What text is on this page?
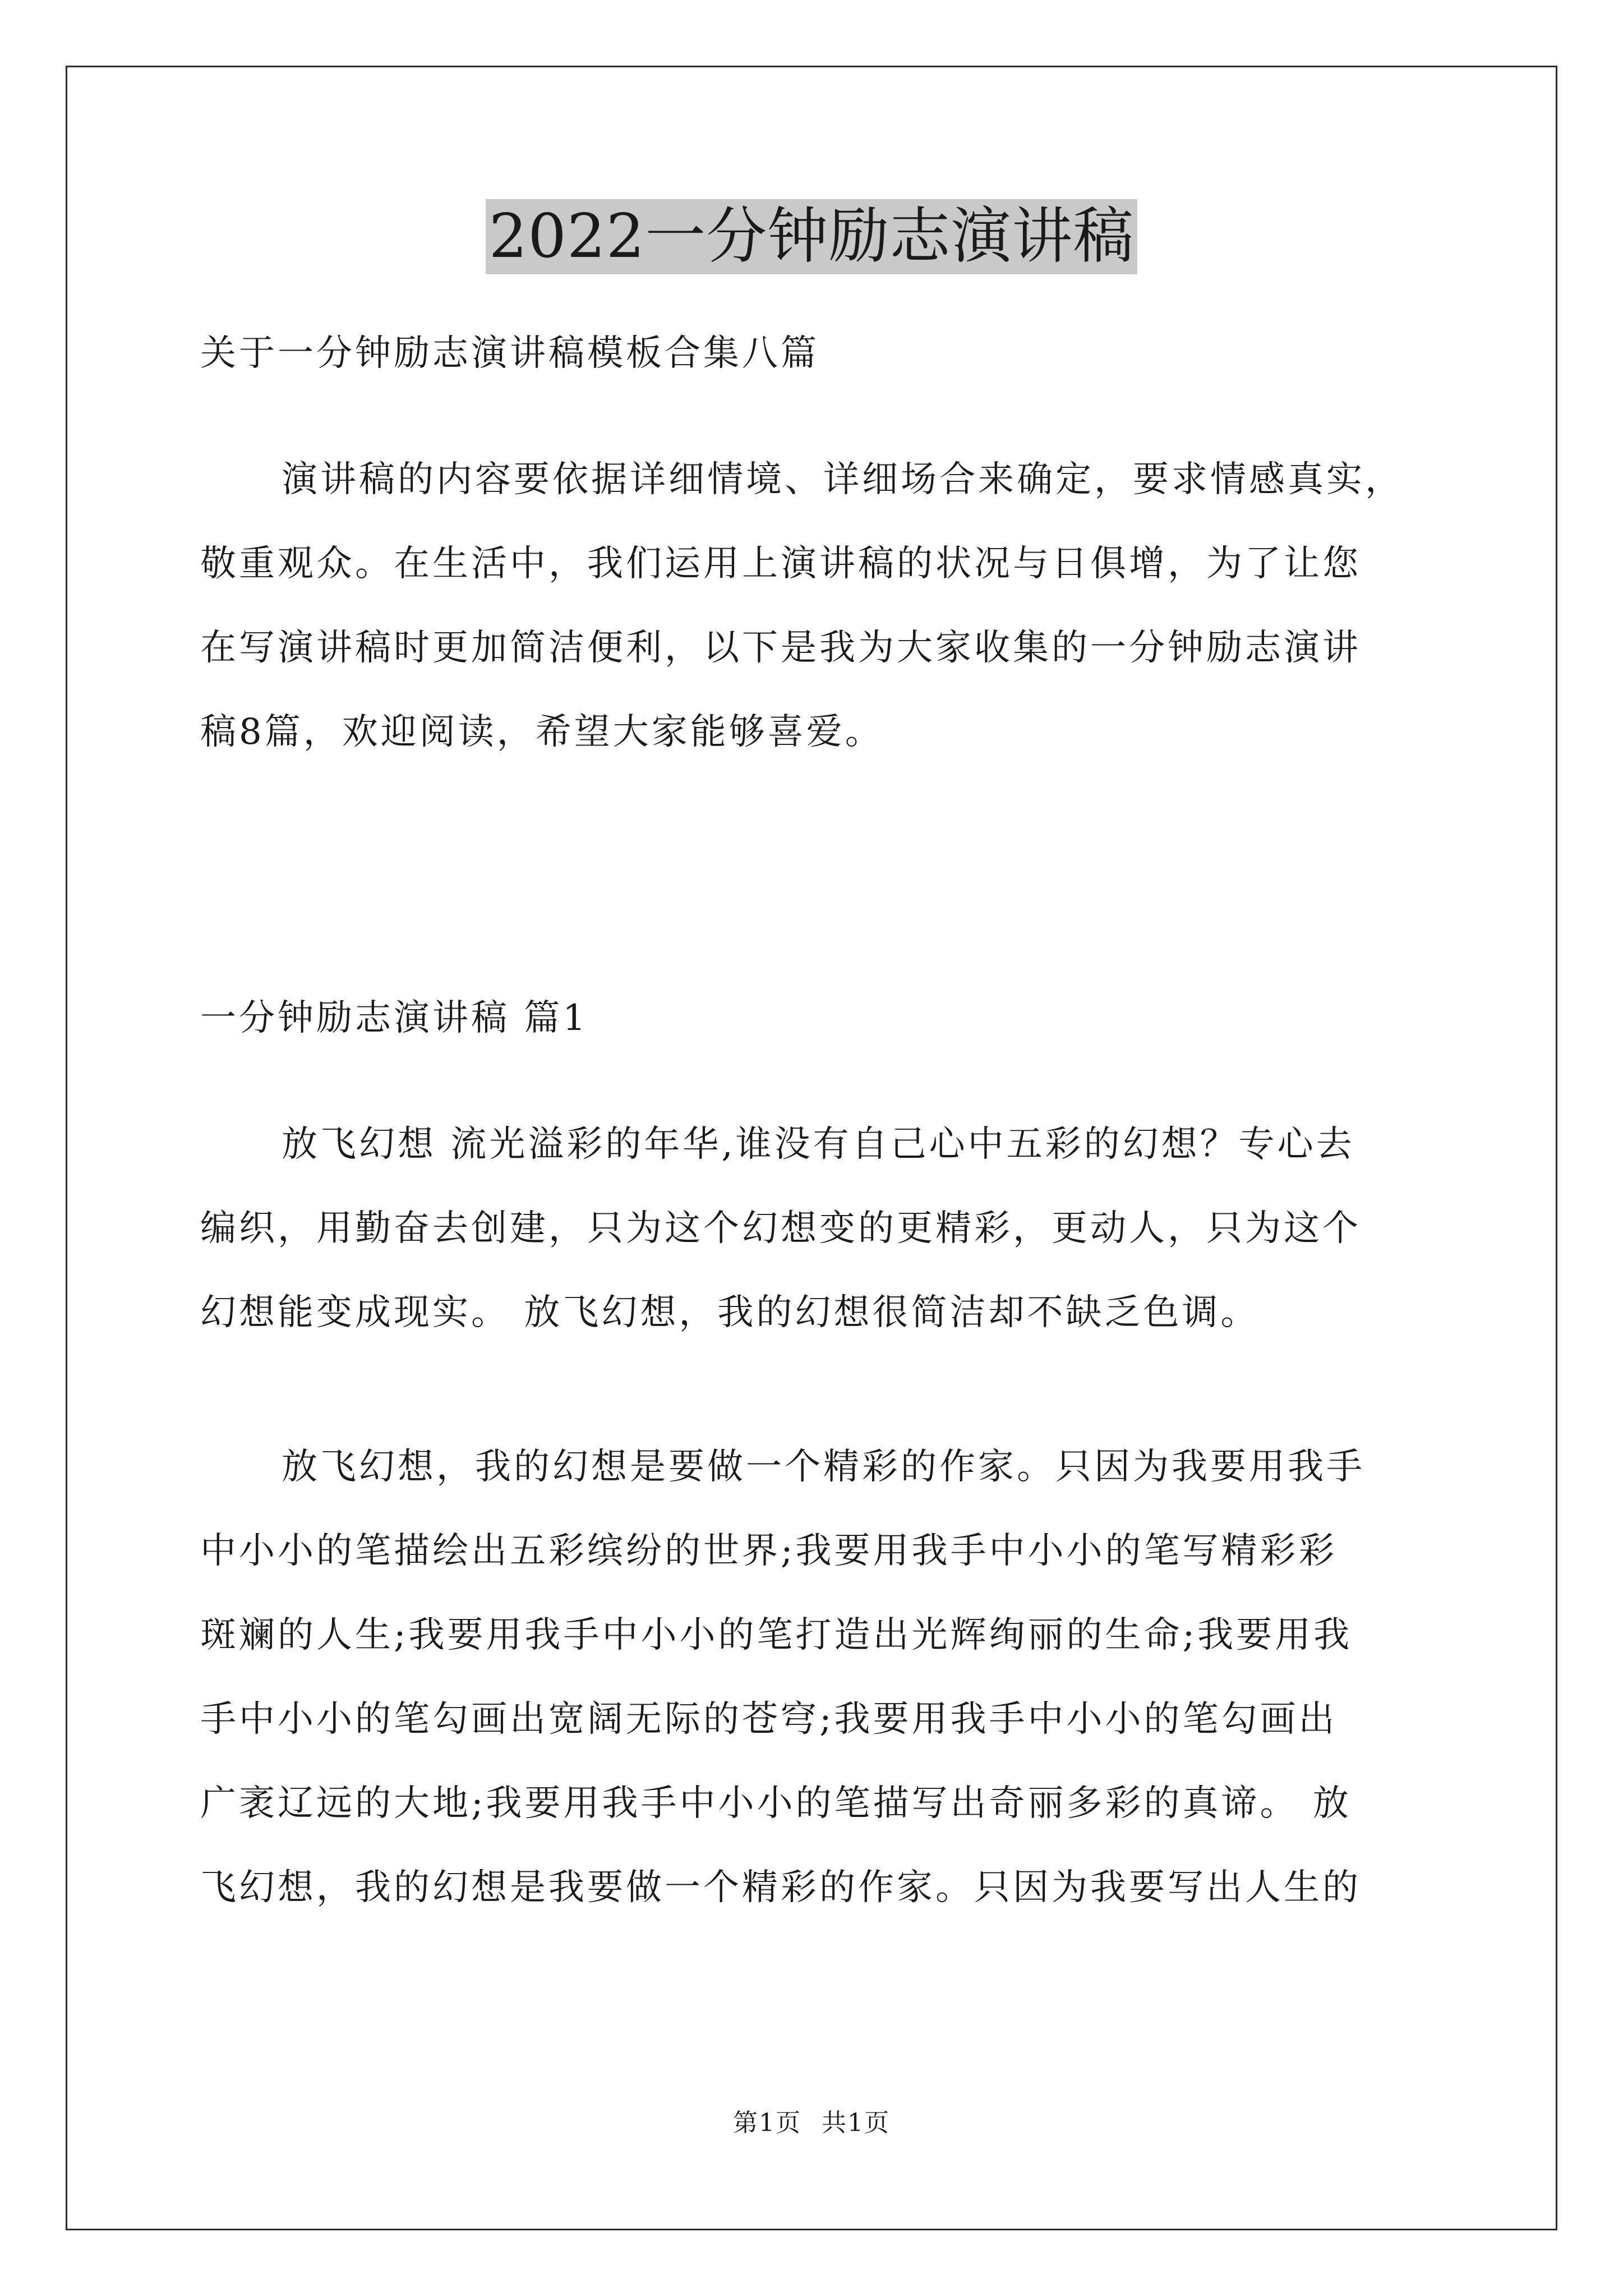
2022一分钟励志演讲稿
关于一分钟励志演讲稿模板合集八篇
演讲稿的内容要依据详细情境、详细场合来确定，要求情感真实，
敬重观众。在生活中，我们运用上演讲稿的状况与日俱增，为了让您
在写演讲稿时更加简洁便利，以下是我为大家收集的一分钟励志演讲
稿8篇，欢迎阅读，希望大家能够喜爱。
一分钟励志演讲稿 篇1
放飞幻想 流光溢彩的年华,谁没有自己心中五彩的幻想？专心去
编织，用勤奋去创建，只为这个幻想变的更精彩，更动人，只为这个
幻想能变成现实。 放飞幻想，我的幻想很简洁却不缺乏色调。
放飞幻想，我的幻想是要做一个精彩的作家。只因为我要用我手
中小小的笔描绘出五彩缤纷的世界;我要用我手中小小的笔写精彩彩
斑斓的人生;我要用我手中小小的笔打造出光辉绚丽的生命;我要用我
手中小小的笔勾画出宽阔无际的苍穹;我要用我手中小小的笔勾画出
广袤辽远的大地;我要用我手中小小的笔描写出奇丽多彩的真谛。 放
飞幻想，我的幻想是我要做一个精彩的作家。只因为我要写出人生的
第1页 共1页
